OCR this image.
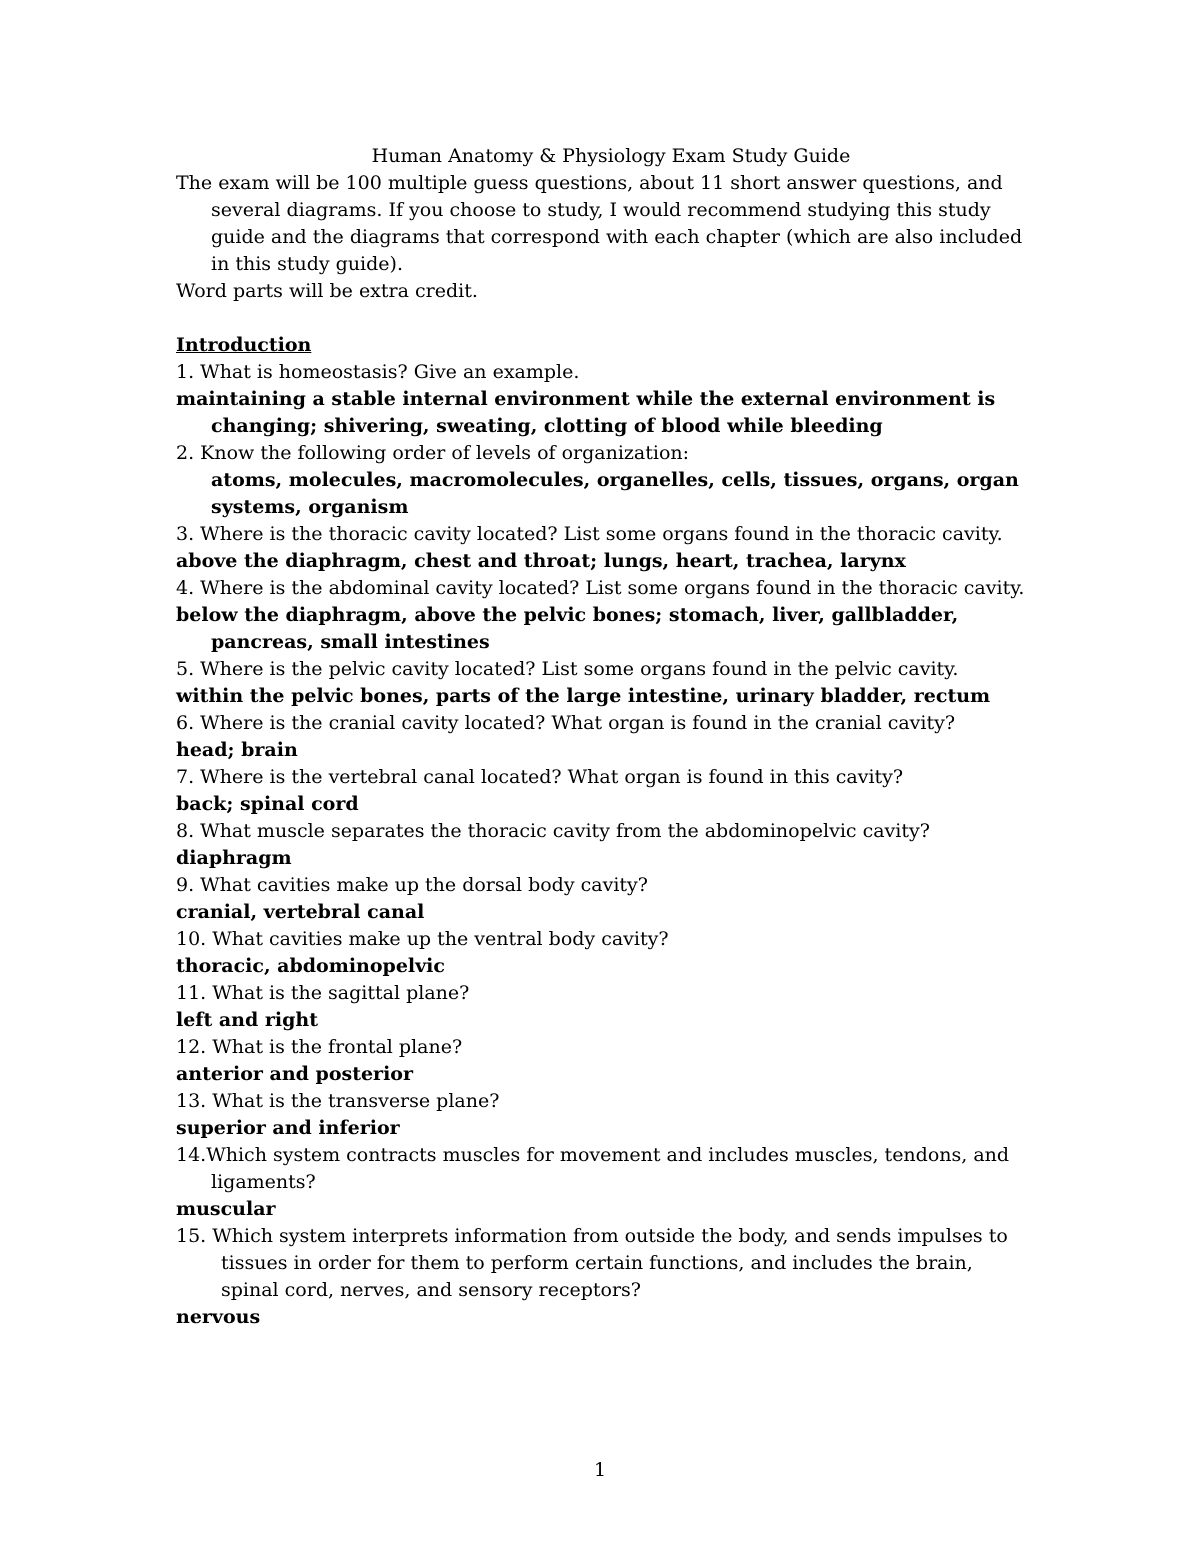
Human Anatomy & Physiology Exam Study Guide

The exam will be 100 multiple guess questions, about 11 short answer questions, and several diagrams. If you choose to study, I would recommend studying this study guide and the diagrams that correspond with each chapter (which are also included in this study guide).

Word parts will be extra credit.

Introduction

1. What is homeostasis? Give an example.

maintaining a stable internal environment while the external environment is changing; shivering, sweating, clotting of blood while bleeding

2. Know the following order of levels of organization:

atoms, molecules, macromolecules, organelles, cells, tissues, organs, organ systems, organism

3. Where is the thoracic cavity located? List some organs found in the thoracic cavity.

above the diaphragm, chest and throat; lungs, heart, trachea, larynx

4. Where is the abdominal cavity located? List some organs found in the thoracic cavity.

below the diaphragm, above the pelvic bones; stomach, liver, gallbladder, pancreas, small intestines

5. Where is the pelvic cavity located? List some organs found in the pelvic cavity.

within the pelvic bones, parts of the large intestine, urinary bladder, rectum

6. Where is the cranial cavity located? What organ is found in the cranial cavity?

head; brain

7. Where is the vertebral canal located? What organ is found in this cavity?

back; spinal cord

8. What muscle separates the thoracic cavity from the abdominopelvic cavity?

diaphragm

9. What cavities make up the dorsal body cavity?

cranial, vertebral canal

10. What cavities make up the ventral body cavity?

thoracic, abdominopelvic

11. What is the sagittal plane?

left and right

12. What is the frontal plane?

anterior and posterior

13. What is the transverse plane?

superior and inferior

14.Which system contracts muscles for movement and includes muscles, tendons, and ligaments?

muscular

15. Which system interprets information from outside the body, and sends impulses to tissues in order for them to perform certain functions, and includes the brain, spinal cord, nerves, and sensory receptors?

nervous

1
